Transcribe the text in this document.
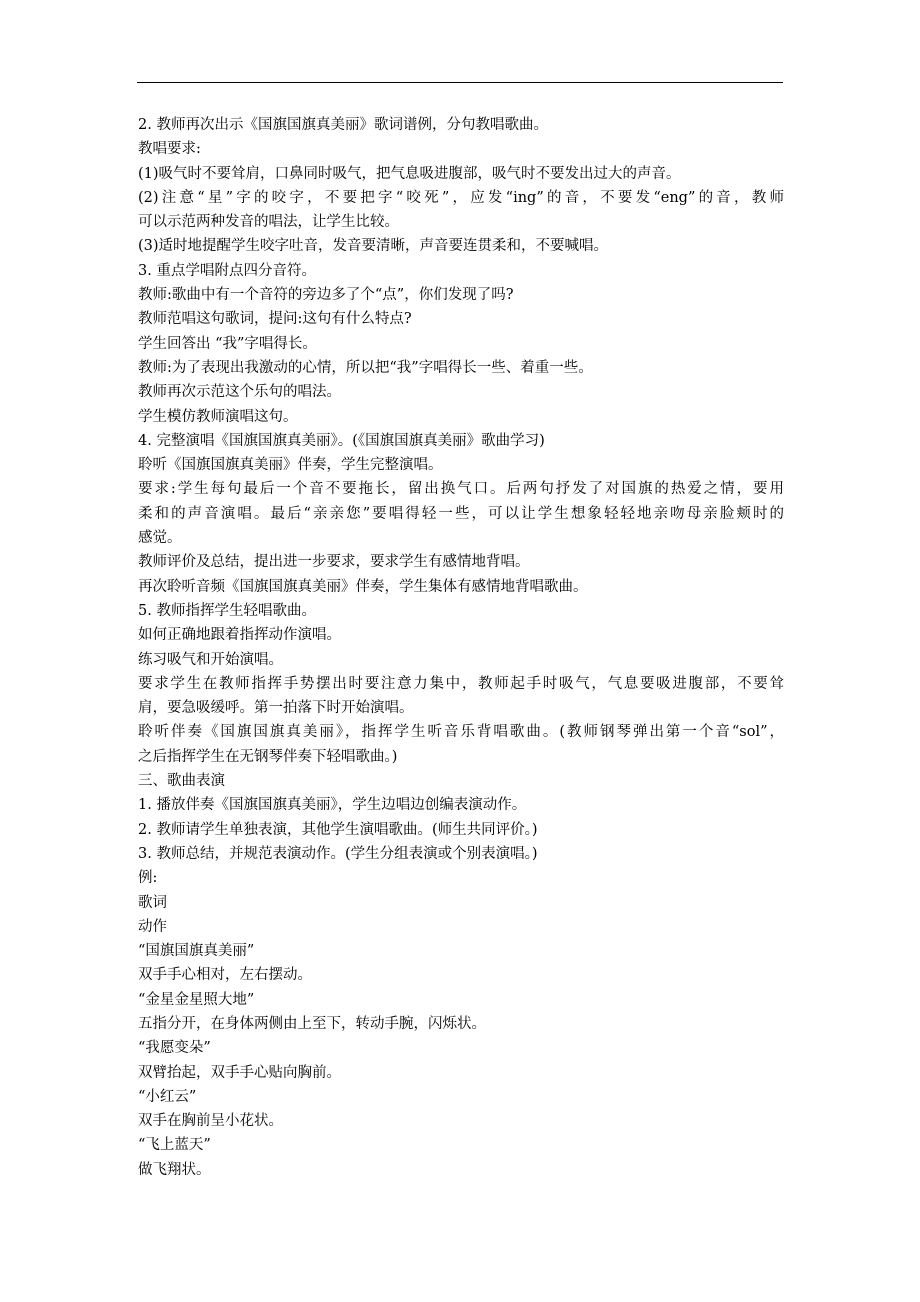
2. 教师再次出示《国旗国旗真美丽》歌词谱例，分句教唱歌曲。
教唱要求:
(1)吸气时不要耸肩，口鼻同时吸气，把气息吸进腹部，吸气时不要发出过大的声音。
(2)注意“星”字的咬字，不要把字“咬死”，应发“ing”的音，不要发“eng”的音，教师
可以示范两种发音的唱法，让学生比较。
(3)适时地提醒学生咬字吐音，发音要清晰，声音要连贯柔和，不要喊唱。
3. 重点学唱附点四分音符。
教师:歌曲中有一个音符的旁边多了个“点”，你们发现了吗?
教师范唱这句歌词，提问:这句有什么特点?
学生回答出 “我”字唱得长。
教师:为了表现出我激动的心情，所以把“我”字唱得长一些、着重一些。
教师再次示范这个乐句的唱法。
学生模仿教师演唱这句。
4. 完整演唱《国旗国旗真美丽》。(《国旗国旗真美丽》歌曲学习)
聆听《国旗国旗真美丽》伴奏，学生完整演唱。
要求:学生每句最后一个音不要拖长，留出换气口。后两句抒发了对国旗的热爱之情，要用
柔和的声音演唱。最后“亲亲您”要唱得轻一些，可以让学生想象轻轻地亲吻母亲脸颊时的
感觉。
教师评价及总结，提出进一步要求，要求学生有感情地背唱。
再次聆听音频《国旗国旗真美丽》伴奏，学生集体有感情地背唱歌曲。
5. 教师指挥学生轻唱歌曲。
如何正确地跟着指挥动作演唱。
练习吸气和开始演唱。
要求学生在教师指挥手势摆出时要注意力集中，教师起手时吸气，气息要吸进腹部，不要耸
肩，要急吸缓呼。第一拍落下时开始演唱。
聆听伴奏《国旗国旗真美丽》，指挥学生听音乐背唱歌曲。(教师钢琴弹出第一个音“sol”，
之后指挥学生在无钢琴伴奏下轻唱歌曲。)
三、歌曲表演
1. 播放伴奏《国旗国旗真美丽》，学生边唱边创编表演动作。
2. 教师请学生单独表演，其他学生演唱歌曲。(师生共同评价。)
3. 教师总结，并规范表演动作。(学生分组表演或个别表演唱。)
例:
歌词
动作
“国旗国旗真美丽”
双手手心相对，左右摆动。
“金星金星照大地”
五指分开，在身体两侧由上至下，转动手腕，闪烁状。
“我愿变朵”
双臂抬起，双手手心贴向胸前。
“小红云”
双手在胸前呈小花状。
“飞上蓝天”
做飞翔状。
